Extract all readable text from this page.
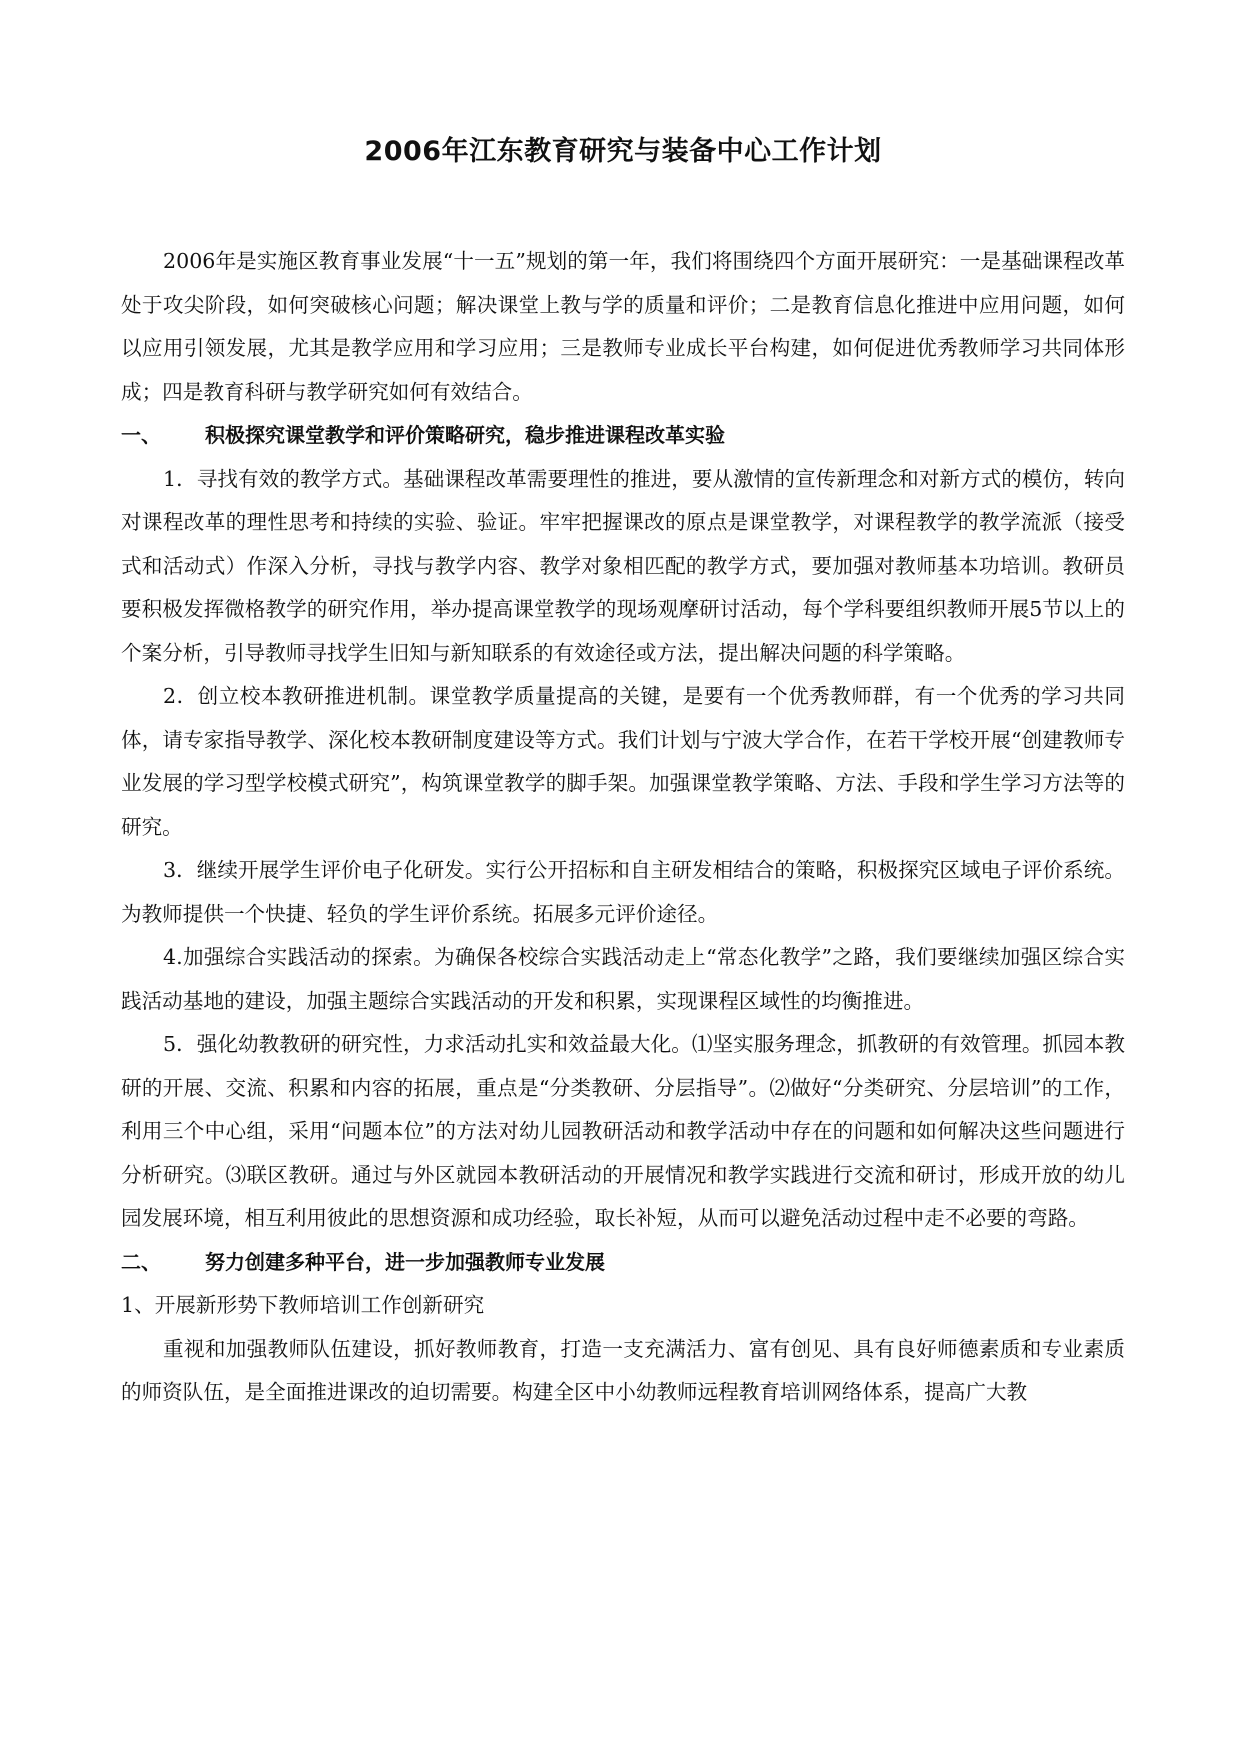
2006年江东教育研究与装备中心工作计划

2006年是实施区教育事业发展“十一五”规划的第一年，我们将围绕四个方面开展研究：一是基础课程改革处于攻尖阶段，如何突破核心问题；解决课堂上教与学的质量和评价；二是教育信息化推进中应用问题，如何以应用引领发展，尤其是教学应用和学习应用；三是教师专业成长平台构建，如何促进优秀教师学习共同体形成；四是教育科研与教学研究如何有效结合。

一、 积极探究课堂教学和评价策略研究，稳步推进课程改革实验

1．寻找有效的教学方式。基础课程改革需要理性的推进，要从激情的宣传新理念和对新方式的模仿，转向对课程改革的理性思考和持续的实验、验证。牢牢把握课改的原点是课堂教学，对课程教学的教学流派（接受式和活动式）作深入分析，寻找与教学内容、教学对象相匹配的教学方式，要加强对教师基本功培训。教研员要积极发挥微格教学的研究作用，举办提高课堂教学的现场观摩研讨活动，每个学科要组织教师开展5节以上的个案分析，引导教师寻找学生旧知与新知联系的有效途径或方法，提出解决问题的科学策略。

2．创立校本教研推进机制。课堂教学质量提高的关键，是要有一个优秀教师群，有一个优秀的学习共同体，请专家指导教学、深化校本教研制度建设等方式。我们计划与宁波大学合作，在若干学校开展“创建教师专业发展的学习型学校模式研究”，构筑课堂教学的脚手架。加强课堂教学策略、方法、手段和学生学习方法等的研究。

3．继续开展学生评价电子化研发。实行公开招标和自主研发相结合的策略，积极探究区域电子评价系统。为教师提供一个快捷、轻负的学生评价系统。拓展多元评价途径。

4.加强综合实践活动的探索。为确保各校综合实践活动走上“常态化教学”之路，我们要继续加强区综合实践活动基地的建设，加强主题综合实践活动的开发和积累，实现课程区域性的均衡推进。

5．强化幼教教研的研究性，力求活动扎实和效益最大化。⑴坚实服务理念，抓教研的有效管理。抓园本教研的开展、交流、积累和内容的拓展，重点是“分类教研、分层指导”。⑵做好“分类研究、分层培训”的工作，利用三个中心组，采用“问题本位”的方法对幼儿园教研活动和教学活动中存在的问题和如何解决这些问题进行分析研究。⑶联区教研。通过与外区就园本教研活动的开展情况和教学实践进行交流和研讨，形成开放的幼儿园发展环境，相互利用彼此的思想资源和成功经验，取长补短，从而可以避免活动过程中走不必要的弯路。

二、 努力创建多种平台，进一步加强教师专业发展

1、开展新形势下教师培训工作创新研究

重视和加强教师队伍建设，抓好教师教育，打造一支充满活力、富有创见、具有良好师德素质和专业素质的师资队伍，是全面推进课改的迫切需要。构建全区中小幼教师远程教育培训网络体系，提高广大教
